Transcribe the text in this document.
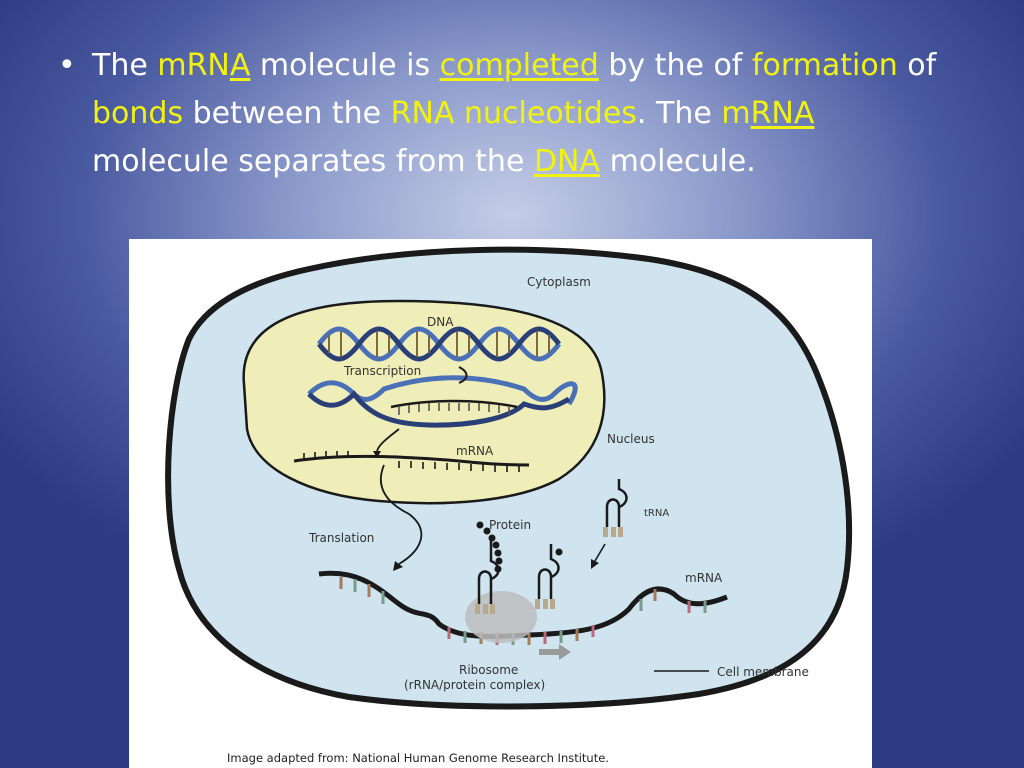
• The mRNA molecule is completed by the of formation of bonds between the RNA nucleotides. The mRNA molecule separates from the DNA molecule.
Cytoplasm
DNA
Transcription
mRNA
Nucleus
tRNA
Protein
Translation
mRNA
Ribosome
(rRNA/protein complex)
Cell membrane
Image adapted from: National Human Genome Research Institute.
